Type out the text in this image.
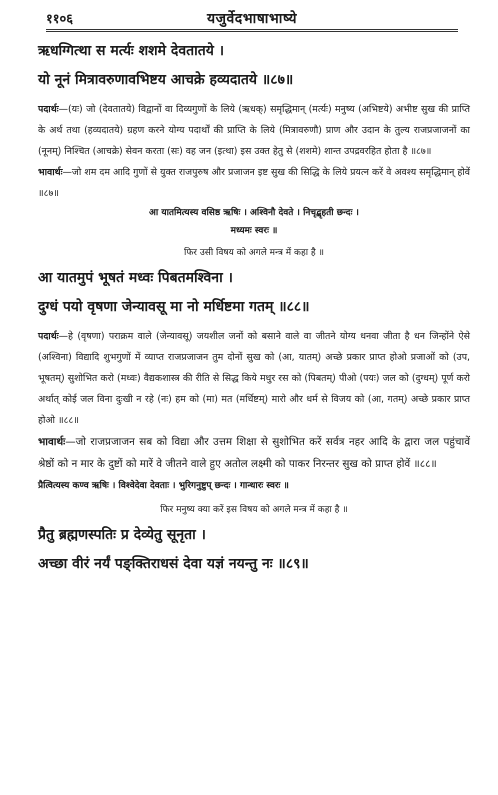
११०६	यजुर्वेदभाषाभाष्ये
ऋधग्गित्था स मर्त्यः शशमे देवतातये ।
यो नूनं मित्रावरुणावभिष्टय आचक्रे हव्यदातये ॥८७॥

पदार्थः—(यः) जो (देवतातये) विद्वानों वा दिव्यगुणों के लिये (ऋधक्) समृद्धिमान् (मर्त्यः) मनुष्य (अभिष्टये) अभीष्ट सुख की प्राप्ति के अर्थ तथा (हव्यदातये) ग्रहण करने योग्य पदार्थों की प्राप्ति के लिये (मित्रावरुणौ) प्राण और उदान के तुल्य राजप्रजाजनों का (नूनम्) निश्चित (आचक्रे) सेवन करता (सः) वह जन (इत्था) इस उक्त हेतु से (शशमे) शान्त उपद्रवरहित होता है ॥८७॥

भावार्थः—जो शम दम आदि गुणों से युक्त राजपुरुष और प्रजाजन इष्ट सुख की सिद्धि के लिये प्रयत्न करें वे अवश्य समृद्धिमान् होवें ॥८७॥

आ यातमित्यस्य वसिष्ठ ऋषिः । अश्विनौ देवते । निचृद्बृहती छन्दः ।
मध्यमः स्वरः ॥
फिर उसी विषय को अगले मन्त्र में कहा है ॥
आ यातमुपं भूषतं मध्वः पिबतमश्विना ।
दुग्धं पयो वृषणा जेन्यावसू मा नो मर्धिष्टमा गतम् ॥८८॥

पदार्थः—हे (वृषणा) पराक्रम वाले (जेन्यावसू) जयशील जनों को बसाने वाले वा जीतने योग्य धनवा जीता है धन जिन्होंने ऐसे (अश्विना) विद्यादि शुभगुणों में व्याप्त राजप्रजाजन तुम दोनों सुख को (आ, यातम्) अच्छे प्रकार प्राप्त होओ प्रजाओं को (उप, भूषतम्) सुशोभित करो (मध्वः) वैद्यकशास्त्र की रीति से सिद्ध किये मधुर रस को (पिबतम्) पीओ (पयः) जल को (दुग्धम्) पूर्ण करो अर्थात् कोई जल विना दुःखी न रहे (नः) हम को (मा) मत (मर्धिष्टम्) मारो और धर्म से विजय को (आ, गतम्) अच्छे प्रकार प्राप्त होओ ॥८८॥

भावार्थः—जो राजप्रजाजन सब को विद्या और उत्तम शिक्षा से सुशोभित करें सर्वत्र नहर आदि के द्वारा जल पहुंचावें श्रेष्ठों को न मार के दुष्टों को मारें वे जीतने वाले हुए अतोल लक्ष्मी को पाकर निरन्तर सुख को प्राप्त होवें ॥८८॥

प्रैत्वित्यस्य कण्व ऋषिः । विश्वेदेवा देवताः । भुरिगनुष्टुप् छन्दः । गान्धारः स्वरः ॥
फिर मनुष्य क्या करें इस विषय को अगले मन्त्र में कहा है ॥
प्रैतु ब्रह्मणस्पतिः प्र देव्येतु सूनृता ।
अच्छा वीरं नर्यं पङ्क्तिराधसं देवा यज्ञं नयन्तु नः ॥८९॥
